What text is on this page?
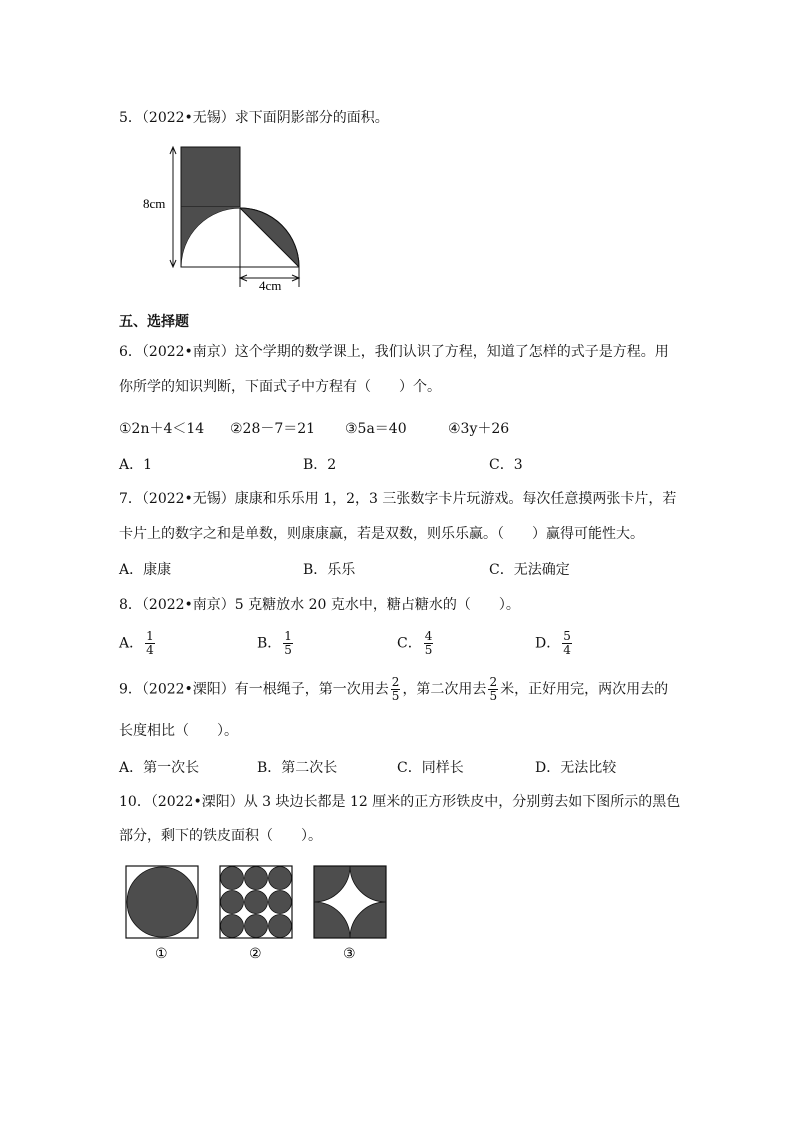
5．（2022•无锡）求下面阴影部分的面积。
8cm
4cm
五、选择题
6．（2022•南京）这个学期的数学课上，我们认识了方程，知道了怎样的式子是方程。用
你所学的知识判断，下面式子中方程有（　　）个。
①2n＋4＜14 ②28－7＝21 ③5a＝40	④3y＋26
A．1	B．2	C．3
7．（2022•无锡）康康和乐乐用 1，2，3 三张数字卡片玩游戏。每次任意摸两张卡片，若
卡片上的数字之和是单数，则康康赢，若是双数，则乐乐赢。（　　）赢得可能性大。
A．康康	B．乐乐	C．无法确定
8．（2022•南京）5 克糖放水 20 克水中，糖占糖水的（　　）。
A． $\frac{1}{4}$	B． $\frac{1}{5}$	C． $\frac{4}{5}$	D． $\frac{5}{4}$
9．（2022•溧阳）有一根绳子，第一次用去 $\frac{2}{5}$ ，第二次用去 $\frac{2}{5}$ 米，正好用完，两次用去的
长度相比（　　）。
A．第一次长	B．第二次长	C．同样长	D．无法比较
10．（2022•溧阳）从 3 块边长都是 12 厘米的正方形铁皮中，分别剪去如下图所示的黑色
部分，剩下的铁皮面积（　　）。
①	②	③
